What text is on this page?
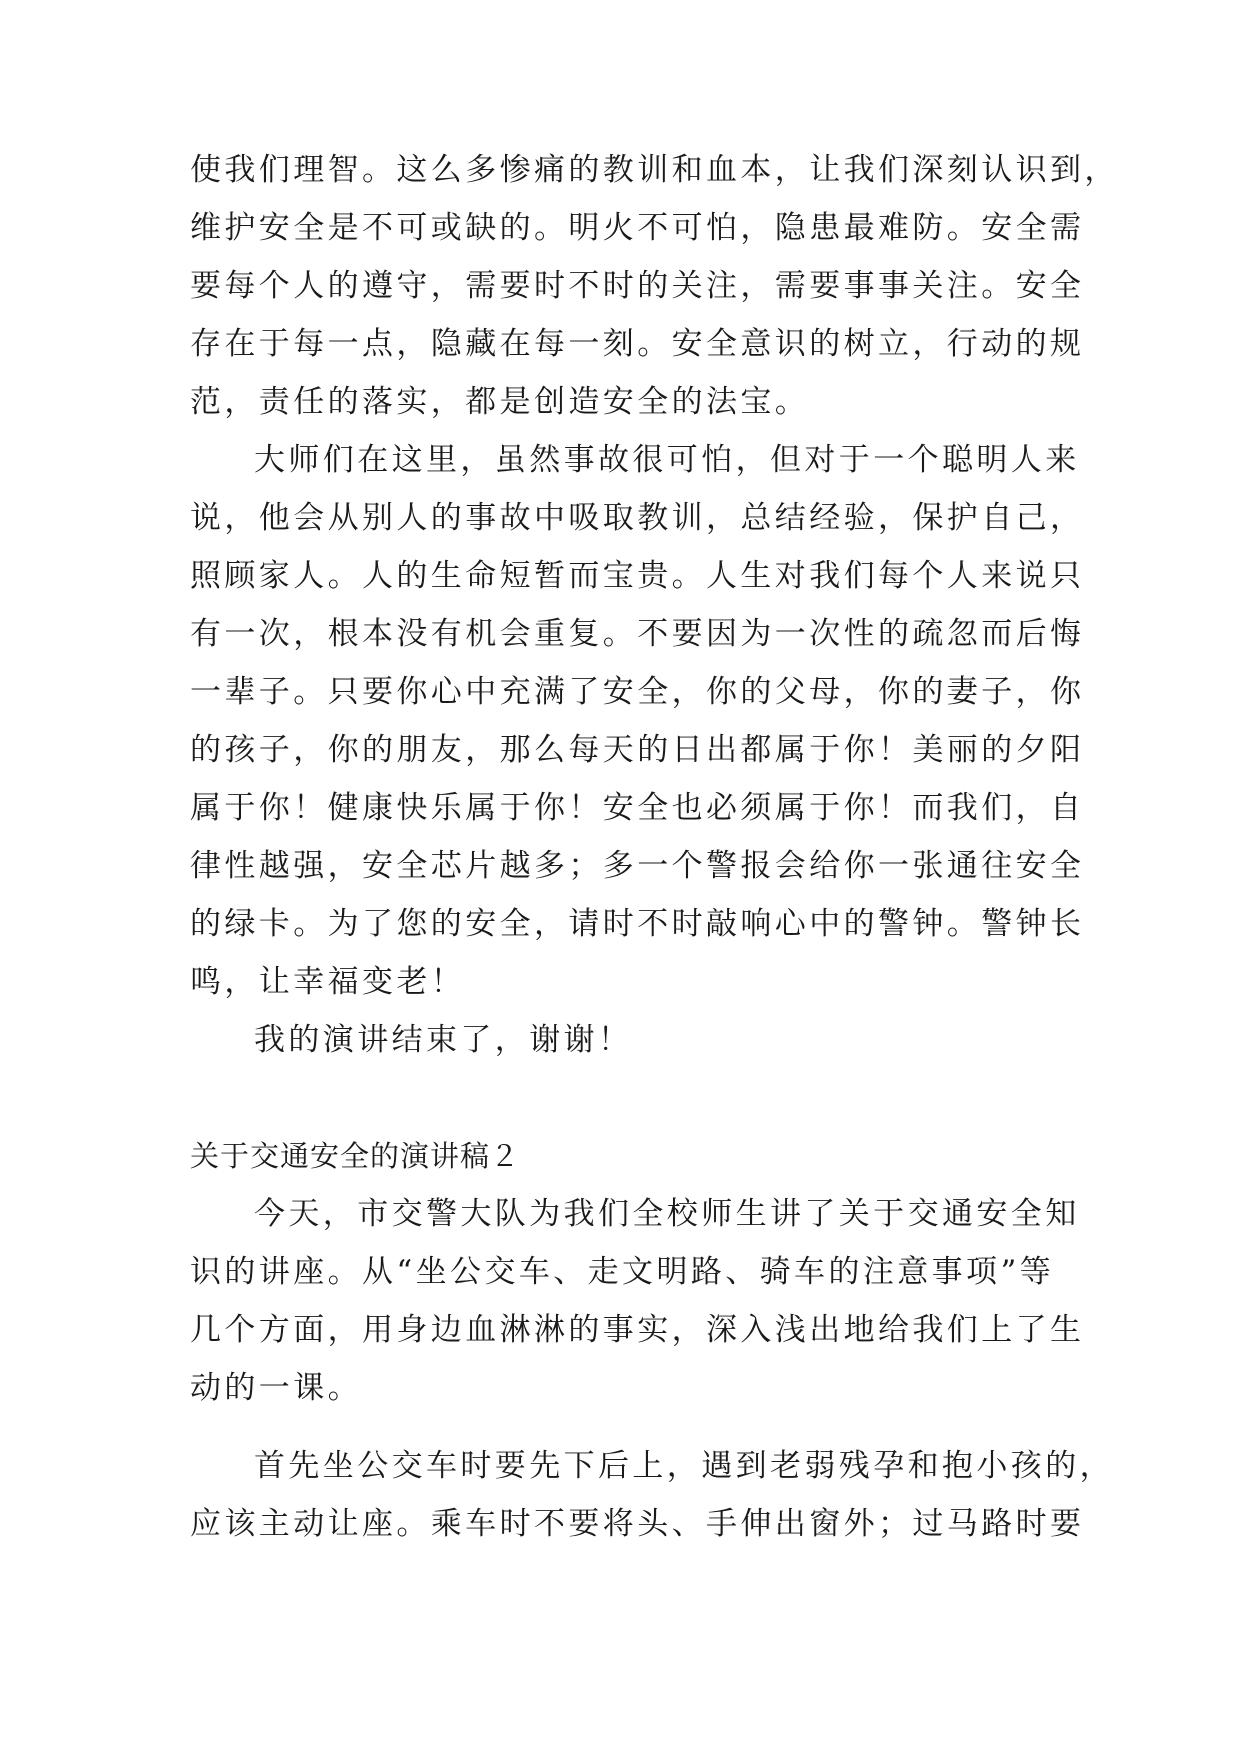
使我们理智。这么多惨痛的教训和血本，让我们深刻认识到，
维护安全是不可或缺的。明火不可怕，隐患最难防。安全需
要每个人的遵守，需要时不时的关注，需要事事关注。安全
存在于每一点，隐藏在每一刻。安全意识的树立，行动的规
范，责任的落实，都是创造安全的法宝。
大师们在这里，虽然事故很可怕，但对于一个聪明人来
说，他会从别人的事故中吸取教训，总结经验，保护自己，
照顾家人。人的生命短暂而宝贵。人生对我们每个人来说只
有一次，根本没有机会重复。不要因为一次性的疏忽而后悔
一辈子。只要你心中充满了安全，你的父母，你的妻子，你
的孩子，你的朋友，那么每天的日出都属于你！美丽的夕阳
属于你！健康快乐属于你！安全也必须属于你！而我们，自
律性越强，安全芯片越多；多一个警报会给你一张通往安全
的绿卡。为了您的安全，请时不时敲响心中的警钟。警钟长
鸣，让幸福变老！
我的演讲结束了，谢谢！
关于交通安全的演讲稿２
今天，市交警大队为我们全校师生讲了关于交通安全知
识的讲座。从“坐公交车、走文明路、骑车的注意事项”等
几个方面，用身边血淋淋的事实，深入浅出地给我们上了生
动的一课。
首先坐公交车时要先下后上，遇到老弱残孕和抱小孩的，
应该主动让座。乘车时不要将头、手伸出窗外；过马路时要
